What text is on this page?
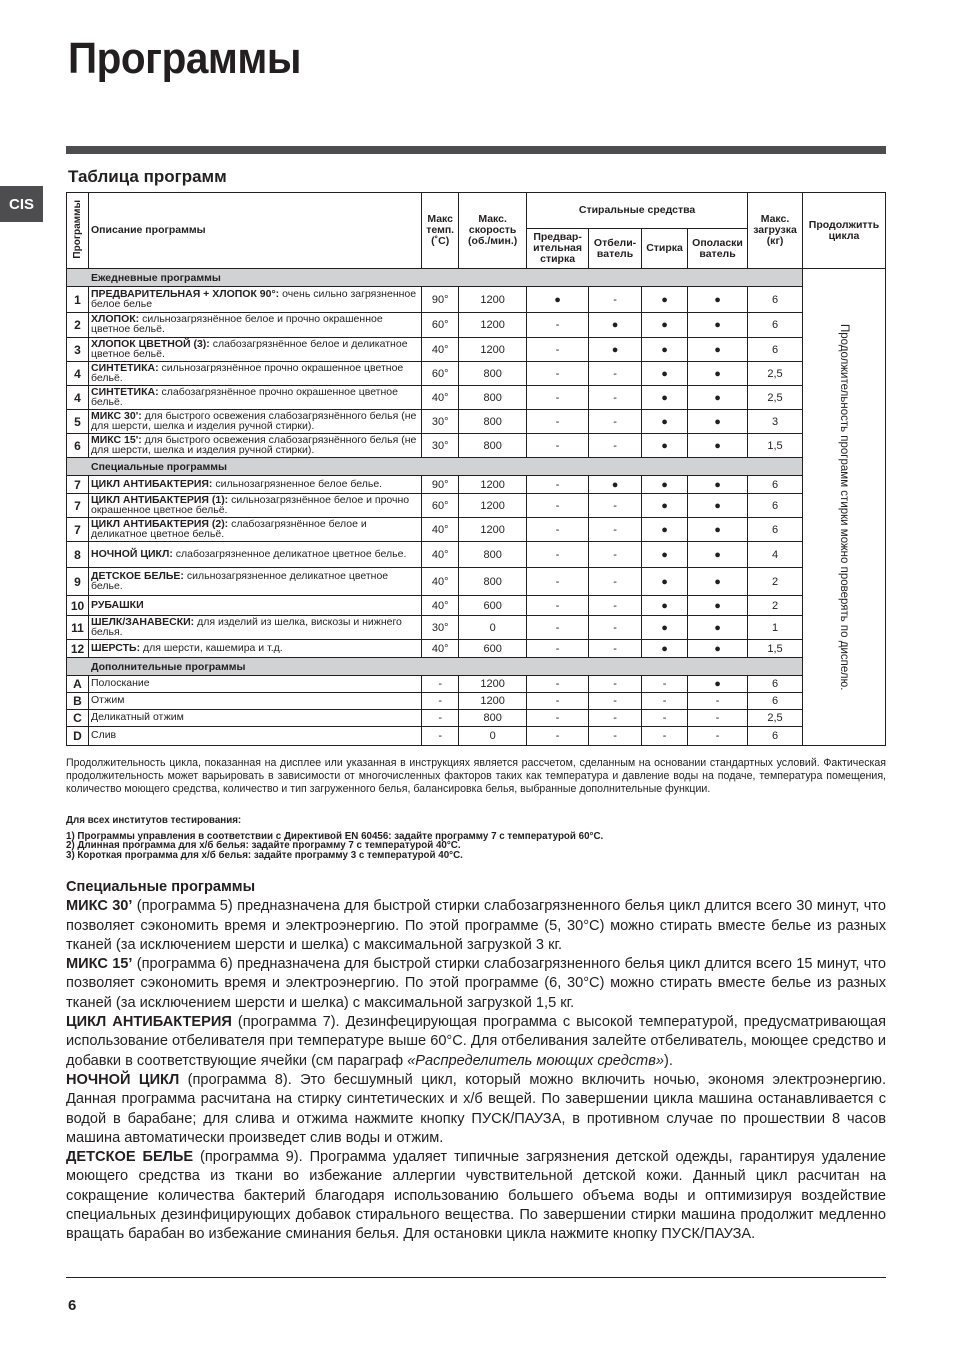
Программы
Таблица программ
CIS	Программы	Описание программы	Макс темп. (˚C)	Макс. скорость (об./мин.)	Стиральные средства				Макс. загрузка (кг)	Продолжитть цикла
				Предвар- ительная стирка	Отбели- ватель	Стирка	Ополаски ватель		
Ежедневные программы									Продолжительность программ стирки можно проверять по диспелю.

1	ПРЕДВАРИТЕЛЬНАЯ + ХЛОПОК 90°: очень сильно загрязненное белое белье	90°	1200	●	-	●	●	6	
2	ХЛОПОК: сильнозагрязнённое белое и прочно окрашенное цветное бельё.	60°	1200	-	●	●	●	6	
3	ХЛОПОК ЦВЕТНОЙ (3): слабозагрязнённое белое и деликатное цветное бельё.	40°	1200	-	●	●	●	6	
4	СИНТЕТИКА: сильнозагрязнённое прочно окрашенное цветное бельё.	60°	800	-	-	●	●	2,5	
4	СИНТЕТИКА: слабозагрязнённое прочно окрашенное цветное бельё.	40°	800	-	-	●	●	2,5	
5	МИКС 30': для быстрого освежения слабозагрязнённого белья (не для шерсти, шелка и изделия ручной стирки).	30°	800	-	-	●	●	3	
6	МИКС 15': для быстрого освежения слабозагрязнённого белья (не для шерсти, шелка и изделия ручной стирки).	30°	800	-	-	●	●	1,5	
Специальные программы									
7	ЦИКЛ АНТИБАКТЕРИЯ: сильнозагрязненное белое белье.	90°	1200	-	●	●	●	6	
7	ЦИКЛ АНТИБАКТЕРИЯ (1): сильнозагрязнённое белое и прочно окрашенное цветное бельё.	60°	1200	-	-	●	●	6	
7	ЦИКЛ АНТИБАКТЕРИЯ (2): слабозагрязнённое белое и деликатное цветное бельё.	40°	1200	-	-	●	●	6	
8	НОЧНОЙ ЦИКЛ: слабозагрязненное деликатное цветное белье.	40°	800	-	-	●	●	4	
9	ДЕТСКОЕ БЕЛЬЕ: сильнозагрязненное деликатное цветное белье.	40°	800	-	-	●	●	2	
10	РУБАШКИ	40°	600	-	-	●	●	2	
11	ШЕЛК/ЗАНАВЕСКИ: для изделий из шелка, вискозы и нижнего белья.	30°	0	-	-	●	●	1	
12	ШЕРСТЬ: для шерсти, кашемира и т.д.	40°	600	-	-	●	●	1,5	
Дополнительные программы									
A	Полоскание	-	1200	-	-	-	●	6	
B	Отжим	-	1200	-	-	-	-	6	
C	Деликатный отжим	-	800	-	-	-	-	2,5	
D	Слив	-	0	-	-	-	-	6	
Продолжительность цикла, показанная на дисплее или указанная в инструкциях является рассчетом, сделанным на основании стандартных условий. Фактическая продолжительность может варьировать в зависимости от многочисленных факторов таких как температура и давление воды на подаче, температура помещения, количество моющего средства, количество и тип загруженного белья, балансировка белья, выбранные дополнительные функции.
Для всех институтов тестирования:
1) Программы управления в соответствии с Директивой EN 60456: задайте программу 7 с температурой 60°C.
2) Длинная программа для х/б белья: задайте программу 7 с температурой 40°C.
3) Короткая программа для х/б белья: задайте программу 3 с температурой 40°C.
Специальные программы

МИКС 30’ (программа 5) предназначена для быстрой стирки слабозагрязненного белья цикл длится всего 30 минут, что позволяет сэкономить время и электроэнергию. По этой программе (5, 30°C) можно стирать вместе белье из разных тканей (за исключением шерсти и шелка) с максимальной загрузкой 3 кг.

МИКС 15’ (программа 6) предназначена для быстрой стирки слабозагрязненного белья цикл длится всего 15 минут, что позволяет сэкономить время и электроэнергию. По этой программе (6, 30°C) можно стирать вместе белье из разных тканей (за исключением шерсти и шелка) с максимальной загрузкой 1,5 кг.

ЦИКЛ АНТИБАКТЕРИЯ (программа 7). Дезинфецирующая программа с высокой температурой, предусматривающая использование отбеливателя при температуре выше 60°C. Для отбеливания залейте отбеливатель, моющее средство и добавки в соответствующие ячейки (см параграф «Распределитель моющих средств»).

НОЧНОЙ ЦИКЛ (программа 8). Это бесшумный цикл, который можно включить ночью, экономя электроэнергию. Данная программа расчитана на стирку синтетических и х/б вещей. По завершении цикла машина останавливается с водой в барабане; для слива и отжима нажмите кнопку ПУСК/ПАУЗА, в противном случае по прошествии 8 часов машина автоматически произведет слив воды и отжим.

ДЕТСКОЕ БЕЛЬЕ (программа 9). Программа удаляет типичные загрязнения детской одежды, гарантируя удаление моющего средства из ткани во избежание аллергии чувствительной детской кожи. Данный цикл расчитан на сокращение количества бактерий благодаря использованию большего объема воды и оптимизируя воздействие специальных дезинфицирующих добавок стирального вещества. По завершении стирки машина продолжит медленно вращать барабан во избежание сминания белья. Для остановки цикла нажмите кнопку ПУСК/ПАУЗА.

6
